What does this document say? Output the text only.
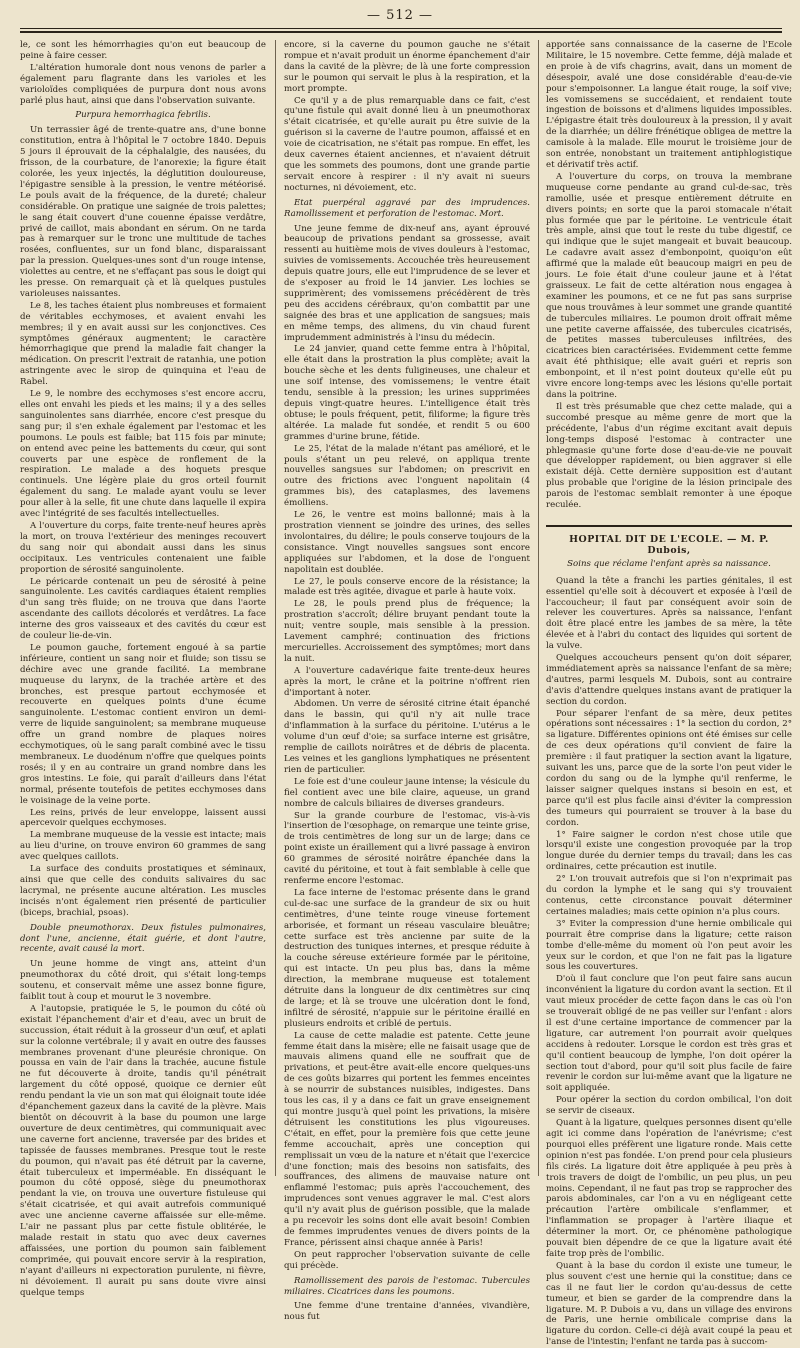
— 512 —

le, ce sont les hémorrhagies qu'on eut beaucoup de peine à faire cesser.

L'altération humorale dont nous venons de parler a également paru flagrante dans les varioles et les varioloïdes compliquées de purpura dont nous avons parlé plus haut, ainsi que dans l'observation suivante.

Purpura hemorrhagica febrilis.

Un terrassier âgé de trente-quatre ans, d'une bonne constitution, entra à l'hôpital le 7 octobre 1840. Depuis 5 jours il éprouvait de la céphalalgie, des nausées, du frisson, de la courbature, de l'anorexie; la figure était colorée, les yeux injectés, la déglutition douloureuse, l'épigastre sensible à la pression, le ventre météorisé. Le pouls avait de la fréquence, de la dureté; chaleur considérable. On pratique une saignée de trois palettes; le sang était couvert d'une couenne épaisse verdâtre, privé de caillot, mais abondant en sérum. On ne tarda pas à remarquer sur le tronc une multitude de taches rosées, confluentes, sur un fond blanc, disparaissant par la pression. Quelques-unes sont d'un rouge intense, violettes au centre, et ne s'effaçant pas sous le doigt qui les presse. On remarquait çà et là quelques pustules varioleuses naissantes.

Le 8, les taches étaient plus nombreuses et formaient de véritables ecchymoses, et avaient envahi les membres; il y en avait aussi sur les conjonctives. Ces symptômes généraux augmentent; le caractère hémorrhagique que prend la maladie fait changer la médication. On prescrit l'extrait de ratanhia, une potion astringente avec le sirop de quinquina et l'eau de Rabel.

Le 9, le nombre des ecchymoses s'est encore accru, elles ont envahi les pieds et les mains; il y a des selles sanguinolentes sans diarrhée, encore c'est presque du sang pur; il s'en exhale également par l'estomac et les poumons. Le pouls est faible; bat 115 fois par minute; on entend avec peine les battements du cœur, qui sont couverts par une espèce de ronflement de la respiration. Le malade a des hoquets presque continuels. Une légère plaie du gros orteil fournit également du sang. Le malade ayant voulu se lever pour aller à la selle, fit une chute dans laquelle il expira avec l'intégrité de ses facultés intellectuelles.

A l'ouverture du corps, faite trente-neuf heures après la mort, on trouva l'extérieur des meninges recouvert du sang noir qui abondait aussi dans les sinus occipitaux. Les ventricules contenaient une faible proportion de sérosité sanguinolente.

Le péricarde contenait un peu de sérosité à peine sanguinolente. Les cavités cardiaques étaient remplies d'un sang très fluide; on ne trouva que dans l'aorte ascendante des caillots décolorés et verdâtres. La face interne des gros vaisseaux et des cavités du cœur est de couleur lie-de-vin.

Le poumon gauche, fortement engoué à sa partie inférieure, contient un sang noir et fluide; son tissu se déchire avec une grande facilité. La membrane muqueuse du larynx, de la trachée artère et des bronches, est presque partout ecchymosée et recouverte en quelques points d'une écume sanguinolente. L'estomac contient environ un demi-verre de liquide sanguinolent; sa membrane muqueuse offre un grand nombre de plaques noires ecchymotiques, où le sang paraît combiné avec le tissu membraneux. Le duodénum n'offre que quelques points rosés; il y en au contraire un grand nombre dans les gros intestins. Le foie, qui paraît d'ailleurs dans l'état normal, présente toutefois de petites ecchymoses dans le voisinage de la veine porte.

Les reins, privés de leur enveloppe, laissent aussi apercevoir quelques ecchymoses.

La membrane muqueuse de la vessie est intacte; mais au lieu d'urine, on trouve environ 60 grammes de sang avec quelques caillots.

La surface des conduits prostatiques et séminaux, ainsi que que celle des conduits salivaires du sac lacrymal, ne présente aucune altération. Les muscles incisés n'ont également rien présenté de particulier (biceps, brachial, psoas).

Double pneumothorax. Deux fistules pulmonaires, dont l'une, ancienne, était guérie, et dont l'autre, recente, avait causé la mort.

Un jeune homme de vingt ans, atteint d'un pneumothorax du côté droit, qui s'était long-temps soutenu, et conservait même une assez bonne figure, faiblit tout à coup et mourut le 3 novembre.

A l'autopsie, pratiquée le 5, le poumon du côté où existait l'épanchement d'air et d'eau, avec un bruit de succussion, était réduit à la grosseur d'un œuf, et aplati sur la colonne vertébrale; il y avait en outre des fausses membranes provenant d'une pleurésie chronique. On poussa en vain de l'air dans la trachée, aucune fistule ne fut découverte à droite, tandis qu'il pénétrait largement du côté opposé, quoique ce dernier eût rendu pendant la vie un son mat qui éloignait toute idée d'épanchement gazeux dans la cavité de la plèvre. Mais bientôt on découvrit à la base du poumon une large ouverture de deux centimètres, qui communiquait avec une caverne fort ancienne, traversée par des brides et tapissée de fausses membranes. Presque tout le reste du poumon, qui n'avait pas été détruit par la caverne, était tuberculeux et imperméable. En disséquant le poumon du côté opposé, siège du pneumothorax pendant la vie, on trouva une ouverture fistuleuse qui s'était cicatrisée, et qui avait autrefois communiqué avec une ancienne caverne affaissée sur elle-même. L'air ne passant plus par cette fistule oblitérée, le malade restait in statu quo avec deux cavernes affaissées, une portion du poumon sain faiblement comprimée, qui pouvait encore servir à la respiration, n'ayant d'ailleurs ni expectoration purulente, ni fièvre, ni dévoiement. Il aurait pu sans doute vivre ainsi quelque temps

encore, si la caverne du poumon gauche ne s'était rompue et n'avait produit un énorme épanchement d'air dans la cavité de la plèvre; de là une forte compression sur le poumon qui servait le plus à la respiration, et la mort prompte.

Ce qu'il y a de plus remarquable dans ce fait, c'est qu'une fistule qui avait donné lieu à un pneumothorax s'était cicatrisée, et qu'elle aurait pu être suivie de la guérison si la caverne de l'autre poumon, affaissé et en voie de cicatrisation, ne s'était pas rompue. En effet, les deux cavernes étaient anciennes, et n'avaient détruit que les sommets des poumons, dont une grande partie servait encore à respirer : il n'y avait ni sueurs nocturnes, ni dévoiement, etc.

Etat puerpéral aggravé par des imprudences. Ramollissement et perforation de l'estomac. Mort.

Une jeune femme de dix-neuf ans, ayant éprouvé beaucoup de privations pendant sa grossesse, avait ressenti au huitième mois de vives douleurs à l'estomac, suivies de vomissements. Accouchée très heureusement depuis quatre jours, elle eut l'imprudence de se lever et de s'exposer au froid le 14 janvier. Les lochies se supprimèrent; des vomissemens précédèrent de très peu des accidens cérébraux, qu'on combattit par une saignée des bras et une application de sangsues; mais en même temps, des alimens, du vin chaud furent imprudemment administrés à l'insu du médecin.

Le 24 janvier, quand cette femme entra à l'hôpital, elle était dans la prostration la plus complète; avait la bouche sèche et les dents fuligineuses, une chaleur et une soif intense, des vomissemens; le ventre était tendu, sensible à la pression; les urines supprimées depuis vingt-quatre heures. L'intelligence était très obtuse; le pouls fréquent, petit, filiforme; la figure très altérée. La malade fut sondée, et rendit 5 ou 600 grammes d'urine brune, fétide.

Le 25, l'état de la malade n'étant pas amélioré, et le pouls s'étant un peu relevé, on appliqua trente nouvelles sangsues sur l'abdomen; on prescrivit en outre des frictions avec l'onguent napolitain (4 grammes bis), des cataplasmes, des lavemens émolliens.

Le 26, le ventre est moins ballonné; mais à la prostration viennent se joindre des urines, des selles involontaires, du délire; le pouls conserve toujours de la consistance. Vingt nouvelles sangsues sont encore appliquées sur l'abdomen, et la dose de l'onguent napolitain est doublée.

Le 27, le pouls conserve encore de la résistance; la malade est très agitée, divague et parle à haute voix.

Le 28, le pouls prend plus de fréquence; la prostration s'accroît; délire bruyant pendant toute la nuit; ventre souple, mais sensible à la pression. Lavement camphré; continuation des frictions mercurielles. Accroissement des symptômes; mort dans la nuit.

A l'ouverture cadavérique faite trente-deux heures après la mort, le crâne et la poitrine n'offrent rien d'important à noter.

Abdomen. Un verre de sérosité citrine était épanché dans le bassin, qui qu'il n'y ait nulle trace d'inflammation à la surface du péritoine. L'utérus a le volume d'un œuf d'oie; sa surface interne est grisâtre, remplie de caillots noirâtres et de débris de placenta. Les veines et les ganglions lymphatiques ne présentent rien de particulier.

Le foie est d'une couleur jaune intense; la vésicule du fiel contient avec une bile claire, aqueuse, un grand nombre de calculs biliaires de diverses grandeurs.

Sur la grande courbure de l'estomac, vis-à-vis l'insertion de l'œsophage, on remarque une teinte grise, de trois centimètres de long sur un de large; dans ce point existe un éraillement qui a livré passage à environ 60 grammes de sérosité noirâtre épanchée dans la cavité du péritoine, et tout à fait semblable à celle que renferme encore l'estomac.

La face interne de l'estomac présente dans le grand cul-de-sac une surface de la grandeur de six ou huit centimètres, d'une teinte rouge vineuse fortement arborisée, et formant un réseau vasculaire bleuâtre; cette surface est très ancienne par suite de la destruction des tuniques internes, et presque réduite à la couche séreuse extérieure formée par le péritoine, qui est intacte. Un peu plus bas, dans la même direction, la membrane muqueuse est totalement détruite dans la longueur de dix centimètres sur cinq de large; et là se trouve une ulcération dont le fond, infiltré de sérosité, n'appuie sur le péritoine éraillé en plusieurs endroits et criblé de pertuis.

La cause de cette maladie est patente. Cette jeune femme était dans la misère; elle ne faisait usage que de mauvais alimens quand elle ne souffrait que de privations, et peut-être avait-elle encore quelques-uns de ces goûts bizarres qui portent les femmes enceintes à se nourrir de substances nuisibles, indigestes. Dans tous les cas, il y a dans ce fait un grave enseignement qui montre jusqu'à quel point les privations, la misère détruisent les constitutions les plus vigoureuses. C'était, en effet, pour la première fois que cette jeune femme accouchait, après une conception qui remplissait un vœu de la nature et n'était que l'exercice d'une fonction; mais des besoins non satisfaits, des souffrances, des alimens de mauvaise nature ont enflammé l'estomac; puis après l'accouchement, des imprudences sont venues aggraver le mal. C'est alors qu'il n'y avait plus de guérison possible, que la malade a pu recevoir les soins dont elle avait besoin! Combien de femmes imprudentes venues de divers points de la France, périssent ainsi chaque année à Paris!

On peut rapprocher l'observation suivante de celle qui précède.

Ramollissement des parois de l'estomac. Tubercules miliaires. Cicatrices dans les poumons.

Une femme d'une trentaine d'années, vivandière, nous fut

apportée sans connaissance de la caserne de l'Ecole Militaire, le 15 novembre. Cette femme, déjà malade et en proie à de vifs chagrins, avait, dans un moment de désespoir, avalé une dose considérable d'eau-de-vie pour s'empoisonner. La langue était rouge, la soif vive; les vomissemens se succédaient, et rendaient toute ingestion de boissons et d'alimens liquides impossibles. L'épigastre était très douloureux à la pression, il y avait de la diarrhée; un délire frénétique obligea de mettre la camisole à la malade. Elle mourut le troisième jour de son entrée, nonobstant un traitement antiphlogistique et dérivatif très actif.

A l'ouverture du corps, on trouva la membrane muqueuse corne pendante au grand cul-de-sac, très ramollie, usée et presque entièrement détruite en divers points; en sorte que la paroi stomacale n'était plus formée que par le péritoine. Le ventricule était très ample, ainsi que tout le reste du tube digestif, ce qui indique que le sujet mangeait et buvait beaucoup. Le cadavre avait assez d'embonpoint, quoiqu'on eût affirmé que la malade eût beaucoup maigri en peu de jours. Le foie était d'une couleur jaune et à l'état graisseux. Le fait de cette altération nous engagea à examiner les poumons, et ce ne fut pas sans surprise que nous trouvâmes à leur sommet une grande quantité de tubercules miliaires. Le poumon droit offrait même une petite caverne affaissée, des tubercules cicatrisés, de petites masses tuberculeuses infiltrées, des cicatrices bien caractérisées. Evidemment cette femme avait été phthisique; elle avait guéri et repris son embonpoint, et il n'est point douteux qu'elle eût pu vivre encore long-temps avec les lésions qu'elle portait dans la poitrine.

Il est très présumable que chez cette malade, qui a succombé presque au même genre de mort que la précédente, l'abus d'un régime excitant avait depuis long-temps disposé l'estomac à contracter une phlegmasie qu'une forte dose d'eau-de-vie ne pouvait que développer rapidement, ou bien aggraver si elle existait déjà. Cette dernière supposition est d'autant plus probable que l'origine de la lésion principale des parois de l'estomac semblait remonter à une époque reculée.

HOPITAL DIT DE L'ECOLE. — M. P. Dubois,

Soins que réclame l'enfant après sa naissance.

Quand la tête a franchi les parties génitales, il est essentiel qu'elle soit à découvert et exposée à l'œil de l'accoucheur; il faut par conséquent avoir soin de relever les couvertures. Après sa naissance, l'enfant doit être placé entre les jambes de sa mère, la tête élevée et à l'abri du contact des liquides qui sortent de la vulve.

Quelques accoucheurs pensent qu'on doit séparer, immédiatement après sa naissance l'enfant de sa mère; d'autres, parmi lesquels M. Dubois, sont au contraire d'avis d'attendre quelques instans avant de pratiquer la section du cordon.

Pour séparer l'enfant de sa mère, deux petites opérations sont nécessaires : 1° la section du cordon, 2° sa ligature. Différentes opinions ont été émises sur celle de ces deux opérations qu'il convient de faire la première : il faut pratiquer la section avant la ligature, suivant les uns, parce que de la sorte l'on peut vider le cordon du sang ou de la lymphe qu'il renferme, le laisser saigner quelques instans si besoin en est, et parce qu'il est plus facile ainsi d'éviter la compression des tumeurs qui pourraient se trouver à la base du cordon.

1° Faire saigner le cordon n'est chose utile que lorsqu'il existe une congestion provoquée par la trop longue durée du dernier temps du travail; dans les cas ordinaires, cette précaution est inutile.

2° L'on trouvait autrefois que si l'on n'exprimait pas du cordon la lymphe et le sang qui s'y trouvaient contenus, cette circonstance pouvait déterminer certaines maladies; mais cette opinion n'a plus cours.

3° Eviter la compression d'une hernie ombilicale qui pourrait être comprise dans la ligature; cette raison tombe d'elle-même du moment où l'on peut avoir les yeux sur le cordon, et que l'on ne fait pas la ligature sous les couvertures.

D'où il faut conclure que l'on peut faire sans aucun inconvénient la ligature du cordon avant la section. Et il vaut mieux procéder de cette façon dans le cas où l'on se trouverait obligé de ne pas veiller sur l'enfant : alors il est d'une certaine importance de commencer par la ligature, car autrement l'on pourrait avoir quelques accidens à redouter. Lorsque le cordon est très gras et qu'il contient beaucoup de lymphe, l'on doit opérer la section tout d'abord, pour qu'il soit plus facile de faire revenir le cordon sur lui-même avant que la ligature ne soit appliquée.

Pour opérer la section du cordon ombilical, l'on doit se servir de ciseaux.

Quant à la ligature, quelques personnes disent qu'elle agit ici comme dans l'opération de l'anévrisme; c'est pourquoi elles préfèrent une ligature ronde. Mais cette opinion n'est pas fondée. L'on prend pour cela plusieurs fils cirés. La ligature doit être appliquée à peu près à trois travers de doigt de l'ombilic, un peu plus, un peu moins. Cependant, il ne faut pas trop se rapprocher des parois abdominales, car l'on a vu en négligeant cette précaution l'artère ombilicale s'enflammer, et l'inflammation se propager à l'artère iliaque et déterminer la mort. Or, ce phénomène pathologique pouvait bien dépendre de ce que la ligature avait été faite trop près de l'ombilic.

Quant à la base du cordon il existe une tumeur, le plus souvent c'est une hernie qui la constitue; dans ce cas il ne faut lier le cordon qu'au-dessus de cette tumeur, et bien se garder de la comprendre dans la ligature. M. P. Dubois a vu, dans un village des environs de Paris, une hernie ombilicale comprise dans la ligature du cordon. Celle-ci déjà avait coupé la peau et l'anse de l'intestin; l'enfant ne tarda pas à succom-
